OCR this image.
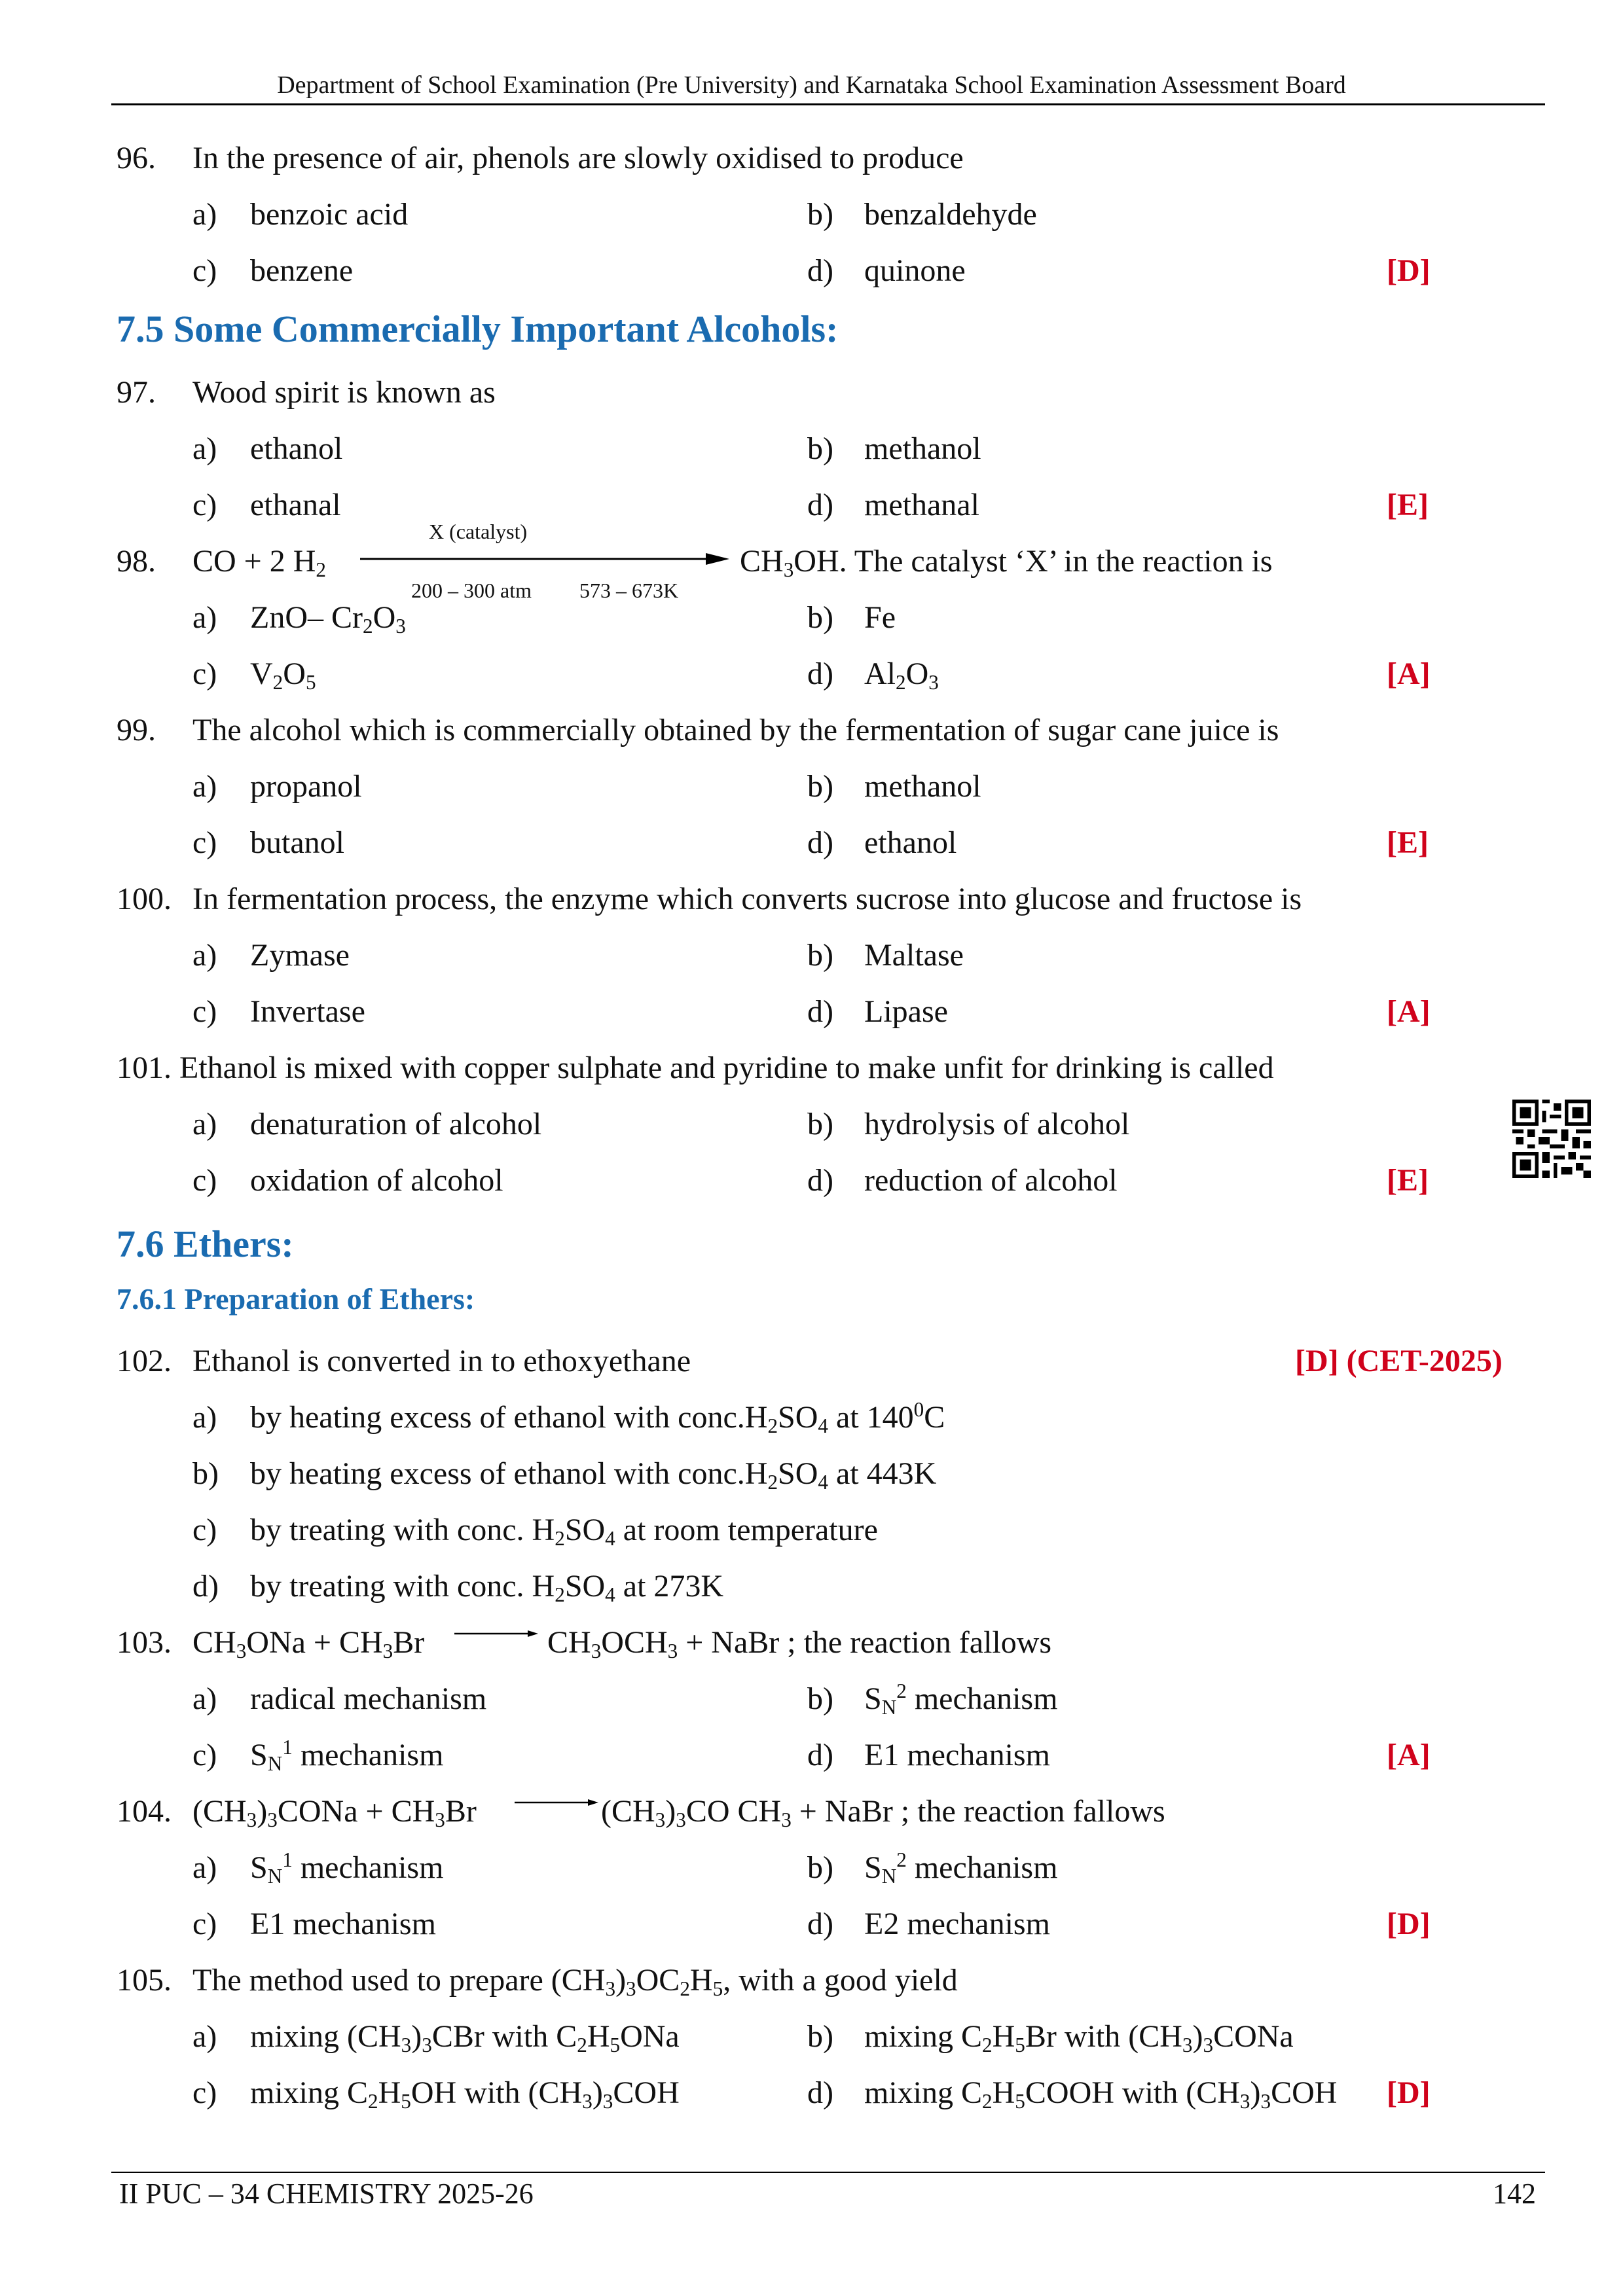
Department of School Examination (Pre University) and Karnataka School Examination Assessment Board
96. In the presence of air, phenols are slowly oxidised to produce
a) benzoic acid	b) benzaldehyde
c) benzene	d) quinone	[D]
7.5 Some Commercially Important Alcohols:
97. Wood spirit is known as
a) ethanol	b) methanol
c) ethanal	d) methanal	[E]
X (catalyst)
200 – 300 atm 573 – 673K
98. CO + 2 $H_2$	$CH_3OH$. The catalyst ‘X’ in the reaction is
a) ZnO– $Cr_2O_3$	b) Fe
c) $V_2O_5$	d) $Al_2O_3$	[A]
99. The alcohol which is commercially obtained by the fermentation of sugar cane juice is
a) propanol	b) methanol
c) butanol	d) ethanol	[E]
100. In fermentation process, the enzyme which converts sucrose into glucose and fructose is
a) Zymase	b) Maltase
c) Invertase	d) Lipase	[A]
101. Ethanol is mixed with copper sulphate and pyridine to make unfit for drinking is called
a) denaturation of alcohol	b) hydrolysis of alcohol
c) oxidation of alcohol	d) reduction of alcohol	[E]
7.6 Ethers:
7.6.1 Preparation of Ethers:
102. Ethanol is converted in to ethoxyethane	[D] (CET-2025)
a) by heating excess of ethanol with $conc.H_2SO_4$ at $140^0C$
b) by heating excess of ethanol with $conc.H_2SO_4$ at 443K
c) by treating with conc. $H_2SO_4$ at room temperature
d) by treating with conc. $H_2SO_4$ at 273K
103. $CH_3ONa + CH_3Br$	$CH_3OCH_3$ + NaBr ; the reaction fallows
a) radical mechanism	b) $S_N^2$ mechanism
c) $S_N^1$ mechanism	d) E1 mechanism	[A]
104. $(CH_3)_3CONa + CH_3Br$	$(CH_3)_3CO$ $CH_3$ + NaBr ; the reaction fallows
a) $S_N^1$ mechanism	b) $S_N^2$ mechanism
c) E1 mechanism	d) E2 mechanism	[D]
105. The method used to prepare $(CH_3)_3OC_2H_5$, with a good yield
a) mixing $(CH_3)_3CBr$ with $C_2H_5ONa$	b) mixing $C_2H_5Br$ with $(CH_3)_3CONa$
c) mixing $C_2H_5OH$ with $(CH_3)_3COH$	d) mixing $C_2H_5COOH$ with $(CH_3)_3COH$ [D]
II PUC – 34 CHEMISTRY 2025-26	142
